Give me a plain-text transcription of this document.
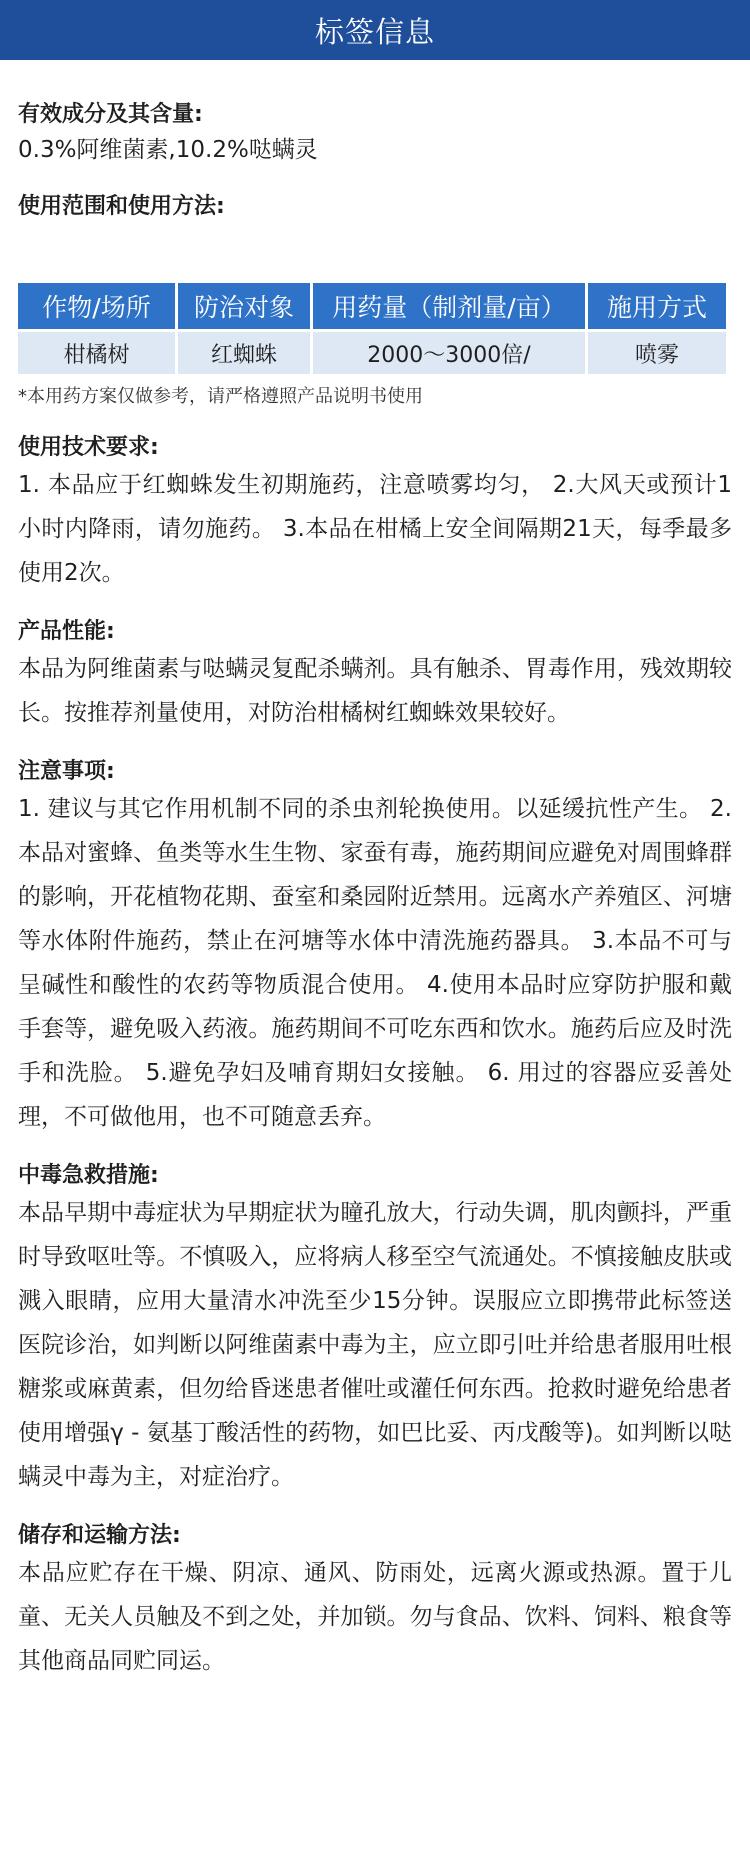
标签信息
有效成分及其含量:

0.3%阿维菌素,10.2%哒螨灵

使用范围和使用方法:
作物/场所	防治对象	用药量（制剂量/亩）	施用方式
柑橘树	红蜘蛛	2000～3000倍/	喷雾

*本用药方案仅做参考，请严格遵照产品说明书使用

使用技术要求:

1. 本品应于红蜘蛛发生初期施药，注意喷雾均匀， 2.大风天或预计1小时内降雨，请勿施药。 3.本品在柑橘上安全间隔期21天，每季最多使用2次。

产品性能:

本品为阿维菌素与哒螨灵复配杀螨剂。具有触杀、胃毒作用，残效期较长。按推荐剂量使用，对防治柑橘树红蜘蛛效果较好。

注意事项:

1. 建议与其它作用机制不同的杀虫剂轮换使用。以延缓抗性产生。 2.本品对蜜蜂、鱼类等水生生物、家蚕有毒，施药期间应避免对周围蜂群的影响，开花植物花期、蚕室和桑园附近禁用。远离水产养殖区、河塘等水体附件施药，禁止在河塘等水体中清洗施药器具。 3.本品不可与呈碱性和酸性的农药等物质混合使用。 4.使用本品时应穿防护服和戴手套等，避免吸入药液。施药期间不可吃东西和饮水。施药后应及时洗手和洗脸。 5.避免孕妇及哺育期妇女接触。 6. 用过的容器应妥善处理，不可做他用，也不可随意丢弃。

中毒急救措施:

本品早期中毒症状为早期症状为瞳孔放大，行动失调，肌肉颤抖，严重时导致呕吐等。不慎吸入，应将病人移至空气流通处。不慎接触皮肤或溅入眼睛，应用大量清水冲洗至少15分钟。误服应立即携带此标签送医院诊治，如判断以阿维菌素中毒为主，应立即引吐并给患者服用吐根糖浆或麻黄素，但勿给昏迷患者催吐或灌任何东西。抢救时避免给患者使用增强γ - 氨基丁酸活性的药物，如巴比妥、丙戊酸等)。如判断以哒螨灵中毒为主，对症治疗。

储存和运输方法:

本品应贮存在干燥、阴凉、通风、防雨处，远离火源或热源。置于儿童、无关人员触及不到之处，并加锁。勿与食品、饮料、饲料、粮食等其他商品同贮同运。
